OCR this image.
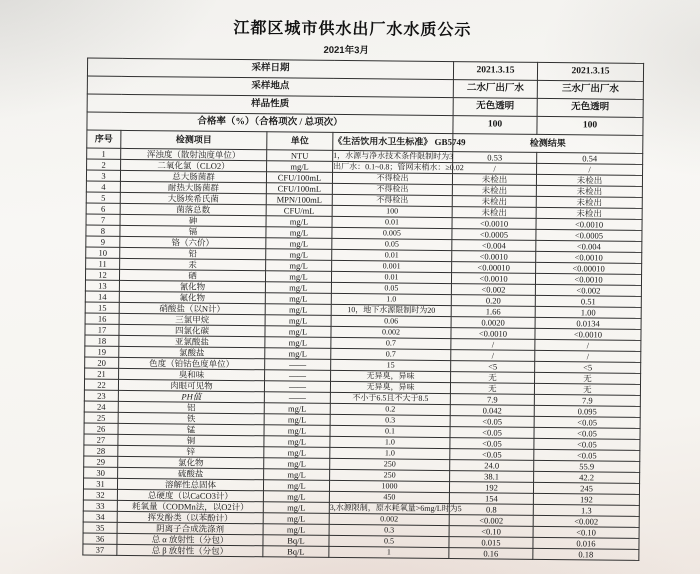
江都区城市供水出厂水水质公示
2021年3月
采样日期				2021.3.15	2021.3.15
采样地点				二水厂出厂水	三水厂出厂水
样品性质				无色透明	无色透明
合格率（%）（合格项次 / 总项次）				100	100
序号	检测项目	单位	《生活饮用水卫生标准》 GB5749	检测结果	
1	浑浊度（散射浊度单位）	NTU	1，水源与净水技术条件限制时为3	0.53	0.54
2	二氧化氯（CLO2）	mg/L	出厂水：0.1~0.8；管网末梢水：≥0.02	/	/
3	总大肠菌群	CFU/100mL	不得检出	未检出	未检出
4	耐热大肠菌群	CFU/100mL	不得检出	未检出	未检出
5	大肠埃希氏菌	MPN/100mL	不得检出	未检出	未检出
6	菌落总数	CFU/mL	100	未检出	未检出
7	砷	mg/L	0.01	<0.0010	<0.0010
8	镉	mg/L	0.005	<0.0005	<0.0005
9	铬（六价）	mg/L	0.05	<0.004	<0.004
10	铅	mg/L	0.01	<0.0010	<0.0010
11	汞	mg/L	0.001	<0.00010	<0.00010
12	硒	mg/L	0.01	<0.0010	<0.0010
13	氰化物	mg/L	0.05	<0.002	<0.002
14	氟化物	mg/L	1.0	0.20	0.51
15	硝酸盐（以N计）	mg/L	10，地下水源限制时为20	1.66	1.00
16	三氯甲烷	mg/L	0.06	0.0020	0.0134
17	四氯化碳	mg/L	0.002	<0.0010	<0.0010
18	亚氯酸盐	mg/L	0.7	/	/
19	氯酸盐	mg/L	0.7	/	/
20	色度（铂钴色度单位）	——	15	<5	<5
21	臭和味	——	无异臭，异味	无	无
22	肉眼可见物	——	无异臭，异味	无	无
23	PH值	——	不小于6.5且不大于8.5	7.9	7.9
24	铝	mg/L	0.2	0.042	0.095
25	铁	mg/L	0.3	<0.05	<0.05
26	锰	mg/L	0.1	<0.05	<0.05
27	铜	mg/L	1.0	<0.05	<0.05
28	锌	mg/L	1.0	<0.05	<0.05
29	氯化物	mg/L	250	24.0	55.9
30	硫酸盐	mg/L	250	38.1	42.2
31	溶解性总固体	mg/L	1000	192	245
32	总硬度（以CaCO3计）	mg/L	450	154	192
33	耗氧量（CODMn法，以O2计）	mg/L	3,水源限制，原水耗氧量>6mg/L时为5	0.8	1.3
34	挥发酚类（以苯酚计）	mg/L	0.002	<0.002	<0.002
35	阴离子合成洗涤剂	mg/L	0.3	<0.10	<0.10
36	总 α 放射性（分包）	Bq/L	0.5	0.015	0.016
37	总 β 放射性（分包）	Bq/L	1	0.16	0.18
